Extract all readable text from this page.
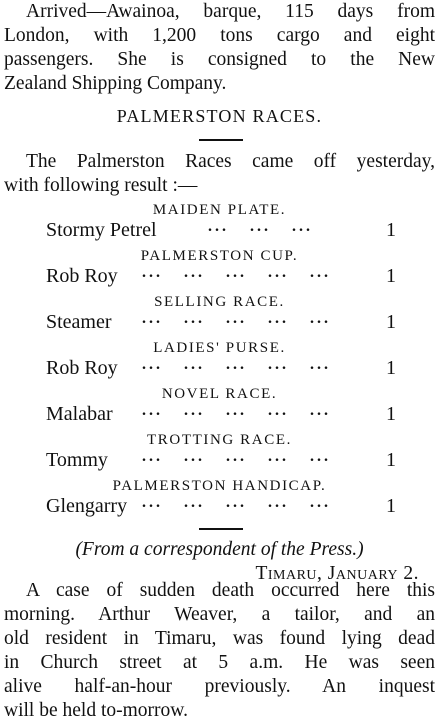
Arrived—Awainoa, barque, 115 days from
London, with 1,200 tons cargo and eight
passengers. She is consigned to the New
Zealand Shipping Company.
PALMERSTON RACES.
The Palmerston Races came off yesterday,
with following result :—
MAIDEN PLATE.
Stormy Petrel	... ... ...	1
PALMERSTON CUP.
Rob Roy ... ... ... ... ...	1
SELLING RACE.
Steamer ... ... ... ... ...	1
LADIES' PURSE.
Rob Roy ... ... ... ... ...	1
NOVEL RACE.
Malabar ... ... ... ... ...	1
TROTTING RACE.
Tommy ... ... ... ... ...	1
PALMERSTON HANDICAP.
Glengarry ... ... ... ... ...	1
(From a correspondent of the Press.)
Timaru, January 2.
A case of sudden death occurred here this
morning. Arthur Weaver, a tailor, and an
old resident in Timaru, was found lying dead
in Church street at 5 a.m. He was seen
alive half-an-hour previously. An inquest
will be held to-morrow.
